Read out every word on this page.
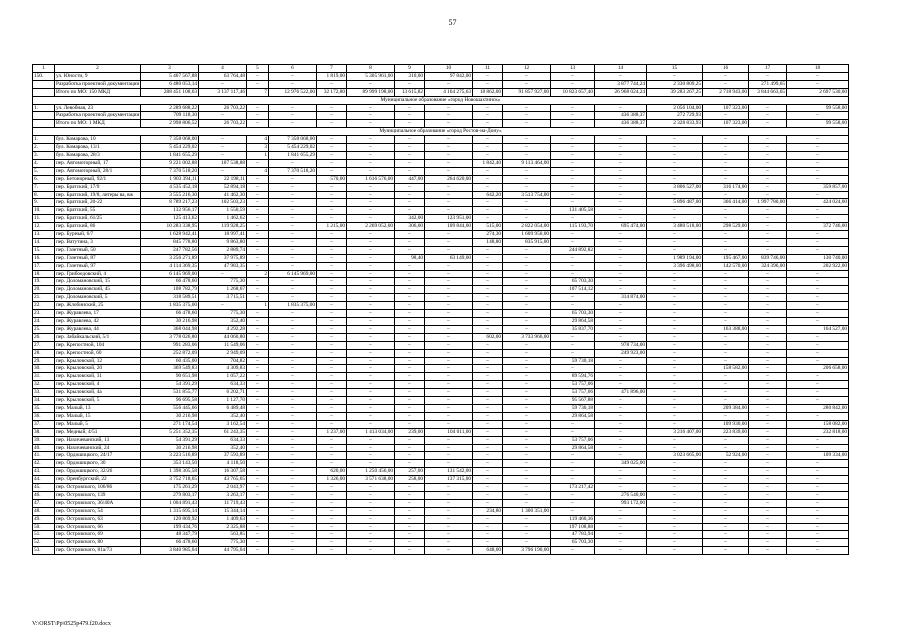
57
1	2	3	4	5	6	7	8	9	10	11	12	13	14	15	16	17	18
150.	ул. Юности, 9	5 467 567,88	63 764,48	–	–	1 819,00	5 305 961,00	310,00	97 842,00	–	–	–	–	–	–	–	–
	Разработка проектной документации	6 480 053,14	–	–	–	–	–	–	–	–	–	–	3 877 744,24	2 330 809,25	–	271 499,65	–
	Итого по МО: 150 МКД	288 451 108,63	3 137 117,46	7	12 976 522,00	32 172,80	89 999 198,00	13 615,82	4 164 275,63	18 862,00	91 857 927,00	10 823 657,40	26 968 024,24	39 283 267,25	2 718 943,00	3 844 663,65	2 697 530,00
Муниципальное образование «город Новошахтинск»																	
1.	ул. Левобная, 23	2 289 688,22	26 703,22	–	–	–	–	–	–	–	–	–	–	2 056 104,00	107 323,00	–	99 558,00
	Разработка проектной документации	709 118,30	–	–	–	–	–	–	–	–	–	–	436 388,37	272 729,93	–	–	–
	Итого по МО: 1 МКД	2 998 806,52	26 703,22	–	–	–	–	–	–	–	–	–	436 388,37	2 328 833,93	107 323,00	–	99 558,00
Муниципальное образование «город Ростов-на-Дону»																	
1.	бул. Комарова, 10	7 358 068,00	–	4	7 358 068,00	–	–	–	–	–	–	–	–	–	–	–	–
2.	бул. Комарова, 13/1	5 454 229,02	–	3	5 454 229,02	–	–	–	–	–	–	–	–	–	–	–	–
3.	бул. Комарова, 28/3	1 841 655,29	–	1	1 841 655,29	–	–	–	–	–	–	–	–	–	–	–	–
4.	пер. Автомоторный, 17	9 221 002,88	107 538,88	–	–	–	–	–	–	1 842,40	9 113 464,00	–	–	–	–	–	–
5.	пер. Автомоторный, 28/1	7 370 518,20	–	4	7 370 518,20	–	–	–	–	–	–	–	–	–	–	–	–
6.	пер. Бетонорный, 92/1	1 903 394,11	22 198,11	–	–	570,00	1 616 576,00	447,00	264 620,00	–	–	–	–	–	–	–	–
7.	пер. Братский, 17/9	4 535 452,18	52 894,18	–	–	–	–	–	–	–	–	–	–	3 806 527,00	316 174,00	–	359 857,00
8.	пер. Братский, 19/8, литеры ва, вж	3 555 216,30	41 462,30	–	–	–	–	–	–	642,20	3 513 754,00	–	–	–	–	–	–
9.	пер. Братский, 20-22	8 789 217,23	102 503,23	–	–	–	–	–	–	–	–	–	–	5 896 487,00	366 414,00	1 997 780,00	424 024,00
10.	пер. Братский, 55	132 956,17	1 550,59	–	–	–	–	–	–	–	–	131 405,58	–	–	–	–	–
11.	пер. Братский, 61/25	125 413,62	1 462,62	–	–	–	–	342,00	123 951,00	–	–	–	–	–	–	–	–
12.	пер. Братский, 86	10 283 338,95	119 928,25	–	–	1 215,00	2 269 052,00	306,00	109 844,00	515,00	2 822 054,00	115 193,70	695 474,00	3 480 518,00	298 529,00	–	372 746,00
13.	пер. Бурный, 6/7	1 628 942,41	18 997,41	–	–	–	–	–	–	274,30	1 609 950,00	–	–	–	–	–	–
14.	пер. Ватутина, 3	845 778,80	9 863,80	–	–	–	–	–	–	148,80	835 915,00	–	–	–	–	–	–
15.	пер. Газетный, 50	247 782,56	2 889,74	–	–	–	–	–	–	–	–	244 892,82	–	–	–	–	–
16.	пер. Газетный, 87	3 256 271,89	37 975,89	–	–	–	–	98,40	63 149,00	–	–	–	–	1 989 194,00	195 467,00	839 746,00	130 740,00
17.	пер. Газетный, 97	4 114 369,35	47 983,35	–	–	–	–	–	–	–	–	–	–	3 396 498,00	142 570,00	324 396,00	202 922,00
18.	пер. Грибоедовский, 4	6 145 969,00	–	2	6 145 969,00	–	–	–	–	–	–	–	–	–	–	–	–
19.	пер. Доломановский, 15	66 478,60	775,30	–	–	–	–	–	–	–	–	65 703,30	–	–	–	–	–
20.	пер. Доломановский, 45	108 782,79	1 268,67	–	–	–	–	–	–	–	–	107 514,12	–	–	–	–	–
21.	пер. Доломановский, 5	318 589,51	3 715,51	–	–	–	–	–	–	–	–	–	314 874,00	–	–	–	–
22.	пер. Жлобинский, 25	1 835 375,00	–	1	1 835 375,00	–	–	–	–	–	–	–	–	–	–	–	–
23.	пер. Журавлева, 17	66 478,60	775,30	–	–	–	–	–	–	–	–	65 703,30	–	–	–	–	–
24.	пер. Журавлева, 42	30 216,98	352,40	–	–	–	–	–	–	–	–	29 864,58	–	–	–	–	–
25.	пер. Журавлева, 44	368 044,98	4 292,28	–	–	–	–	–	–	–	–	35 837,70	–	–	163 388,00	–	164 527,00
26.	пер. Забайкальский, 5/1	3 778 026,80	44 060,80	–	–	–	–	–	–	602,00	3 733 966,00	–	–	–	–	–	–
27.	пер. Крепостной, 104	991 283,06	11 549,06	–	–	–	–	–	–	–	–	–	978 734,00	–	–	–	–
28.	пер. Крепостной, 60	252 872,09	2 949,09	–	–	–	–	–	–	–	–	–	249 923,00	–	–	–	–
29.	пер. Крыловской, 12	60 435,00	704,82	–	–	–	–	–	–	–	–	59 730,18	–	–	–	–	–
30.	пер. Крыловской, 20	369 549,83	4 309,83	–	–	–	–	–	–	–	–	–	–	–	158 582,00	–	206 658,00
31.	пер. Крыловской, 31	90 651,98	1 057,22	–	–	–	–	–	–	–	–	89 594,76	–	–	–	–	–
32.	пер. Крыловской, 4	54 391,29	634,33	–	–	–	–	–	–	–	–	53 757,06	–	–	–	–	–
33.	пер. Крыловской, 4а	531 855,77	6 202,71	–	–	–	–	–	–	–	–	53 757,06	471 896,00	–	–	–	–
34.	пер. Крыловской, 5	96 695,58	1 127,70	–	–	–	–	–	–	–	–	95 567,88	–	–	–	–	–
35.	пер. Малый, 13	556 445,66	6 489,48	–	–	–	–	–	–	–	–	59 730,18	–	–	209 384,00	–	280 842,00
36.	пер. Малый, 15	30 216,98	352,40	–	–	–	–	–	–	–	–	29 864,58	–	–	–	–	–
37.	пер. Малый, 5	271 174,54	3 162,54	–	–	–	–	–	–	–	–	–	–	–	109 930,00	–	158 082,00
38.	пер. Медный, 4/51	5 251 352,35	61 243,35	–	–	1 237,00	1 413 034,00	239,00	104 011,00	–	–	–	–	3 216 407,00	223 839,00	–	232 818,00
39.	пер. Нахичеванский, 13	54 391,29	634,33	–	–	–	–	–	–	–	–	53 757,06	–	–	–	–	–
40.	пер. Нахичеванский, 24	30 216,98	352,40	–	–	–	–	–	–	–	–	29 864,58	–	–	–	–	–
41.	пер. Ордошицкого, 24/17	3 223 516,89	37 593,89	–	–	–	–	–	–	–	–	–	–	3 023 665,00	52 924,00	–	109 334,00
42.	пер. Ордошицкого, 30	353 143,50	4 118,50	–	–	–	–	–	–	–	–	–	349 025,00	–	–	–	–
43.	пер. Ордошицкого, 32/26	1 398 305,58	16 307,58	–	–	620,00	1 250 456,00	257,00	131 542,00	–	–	–	–	–	–	–	–
44.	пер. Оренбургский, 22	3 752 718,65	43 765,65	–	–	1 326,00	3 571 638,00	258,00	137 315,00	–	–	–	–	–	–	–	–
45.	пер. Островского, 106/86	175 261,29	2 043,97	–	–	–	–	–	–	–	–	173 217,42	–	–	–	–	–
46.	пер. Островского, 139	279 803,17	3 263,17	–	–	–	–	–	–	–	–	–	276 540,00	–	–	–	–
47.	пер. Островского, 36/40А	1 004 891,43	11 719,43	–	–	–	–	–	–	–	–	–	993 172,00	–	–	–	–
48.	пер. Островского, 54	1 315 695,14	15 344,14	–	–	–	–	–	–	234,80	1 300 351,00	–	–	–	–	–	–
49.	пер. Островского, 63	120 869,92	1 409,63	–	–	–	–	–	–	–	–	119 460,36	–	–	–	–	–
50.	пер. Островского, 66	199 434,76	2 325,88	–	–	–	–	–	–	–	–	197 108,88	–	–	–	–	–
51.	пер. Островского, 69	48 347,79	563,85	–	–	–	–	–	–	–	–	47 783,94	–	–	–	–	–
52.	пер. Островского, 80	66 478,60	775,30	–	–	–	–	–	–	–	–	65 703,30	–	–	–	–	–
53.	пер. Островского, 81а/73	3 840 985,04	44 795,04	–	–	–	–	–	–	648,00	3 796 190,00	–	–	–	–	–	–
V:\ORST\Pp\0525p479.f20.docx
